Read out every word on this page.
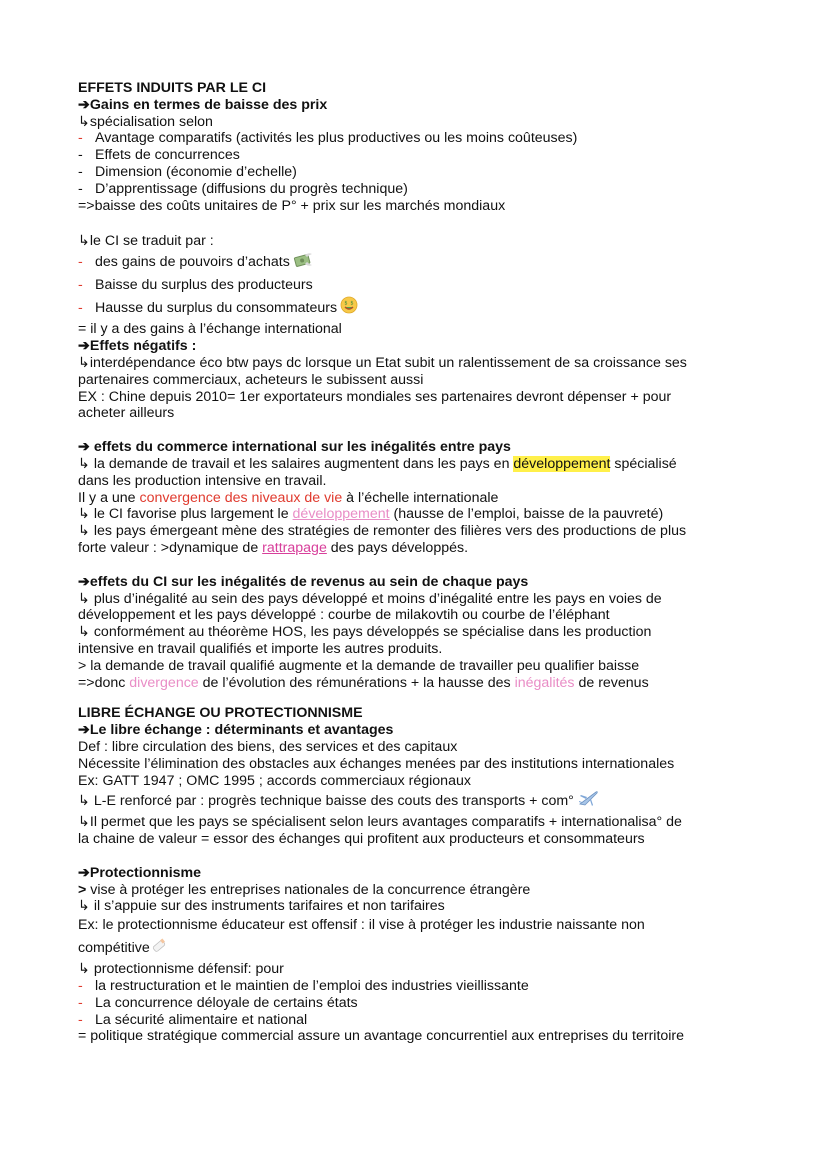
EFFETS INDUITS PAR LE CI
➔Gains en termes de baisse des prix
↳spécialisation selon
- Avantage comparatifs (activités les plus productives ou les moins coûteuses)
- Effets de concurrences
- Dimension (économie d’echelle)
- D’apprentissage (diffusions du progrès technique)
=>baisse des coûts unitaires de P° + prix sur les marchés mondiaux
↳le CI se traduit par :
- des gains de pouvoirs d’achats
- Baisse du surplus des producteurs
- Hausse du surplus du consommateurs $ $
= il y a des gains à l’échange international
➔Effets négatifs :
↳interdépendance éco btw pays dc lorsque un Etat subit un ralentissement de sa croissance ses
partenaires commerciaux, acheteurs le subissent aussi
EX : Chine depuis 2010= 1er exportateurs mondiales ses partenaires devront dépenser + pour
acheter ailleurs
➔ effets du commerce international sur les inégalités entre pays
↳ la demande de travail et les salaires augmentent dans les pays en développement spécialisé
dans les production intensive en travail.
Il y a une convergence des niveaux de vie à l’échelle internationale
↳ le CI favorise plus largement le développement (hausse de l’emploi, baisse de la pauvreté)
↳ les pays émergeant mène des stratégies de remonter des filières vers des productions de plus
forte valeur : >dynamique de rattrapage des pays développés.
➔effets du CI sur les inégalités de revenus au sein de chaque pays
↳ plus d’inégalité au sein des pays développé et moins d’inégalité entre les pays en voies de
développement et les pays développé : courbe de milakovtih ou courbe de l’éléphant
↳ conformément au théorème HOS, les pays développés se spécialise dans les production
intensive en travail qualifiés et importe les autres produits.
> la demande de travail qualifié augmente et la demande de travailler peu qualifier baisse
=>donc divergence de l’évolution des rémunérations + la hausse des inégalités de revenus
LIBRE ÉCHANGE OU PROTECTIONNISME
➔Le libre échange : déterminants et avantages
Def : libre circulation des biens, des services et des capitaux
Nécessite l’élimination des obstacles aux échanges menées par des institutions internationales
Ex: GATT 1947 ; OMC 1995 ; accords commerciaux régionaux
↳ L-E renforcé par : progrès technique baisse des couts des transports + com°
↳Il permet que les pays se spécialisent selon leurs avantages comparatifs + internationalisa° de
la chaine de valeur = essor des échanges qui profitent aux producteurs et consommateurs
➔Protectionnisme
> vise à protéger les entreprises nationales de la concurrence étrangère
↳ il s’appuie sur des instruments tarifaires et non tarifaires
Ex: le protectionnisme éducateur est offensif : il vise à protéger les industrie naissante non
compétitive
↳ protectionnisme défensif: pour
- la restructuration et le maintien de l’emploi des industries vieillissante
- La concurrence déloyale de certains états
- La sécurité alimentaire et national
= politique stratégique commercial assure un avantage concurrentiel aux entreprises du territoire
